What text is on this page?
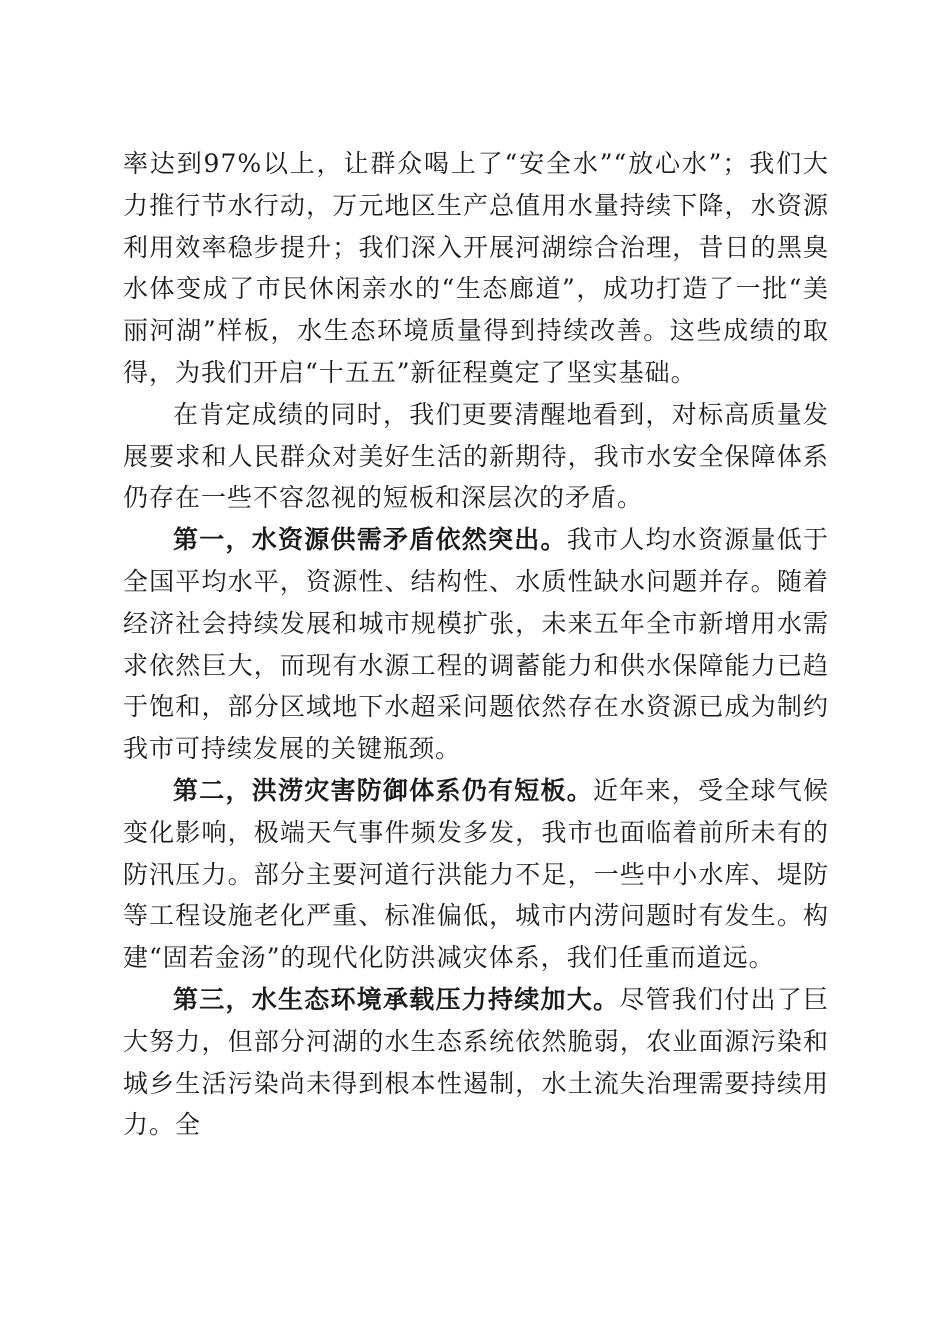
率达到97%以上，让群众喝上了“安全水”“放心水”；我们大力推行节水行动，万元地区生产总值用水量持续下降，水资源利用效率稳步提升；我们深入开展河湖综合治理，昔日的黑臭水体变成了市民休闲亲水的“生态廊道”，成功打造了一批“美丽河湖”样板，水生态环境质量得到持续改善。这些成绩的取得，为我们开启“十五五”新征程奠定了坚实基础。

在肯定成绩的同时，我们更要清醒地看到，对标高质量发展要求和人民群众对美好生活的新期待，我市水安全保障体系仍存在一些不容忽视的短板和深层次的矛盾。

第一，水资源供需矛盾依然突出。我市人均水资源量低于全国平均水平，资源性、结构性、水质性缺水问题并存。随着经济社会持续发展和城市规模扩张，未来五年全市新增用水需求依然巨大，而现有水源工程的调蓄能力和供水保障能力已趋于饱和，部分区域地下水超采问题依然存在水资源已成为制约我市可持续发展的关键瓶颈。

第二，洪涝灾害防御体系仍有短板。近年来，受全球气候变化影响，极端天气事件频发多发，我市也面临着前所未有的防汛压力。部分主要河道行洪能力不足，一些中小水库、堤防等工程设施老化严重、标准偏低，城市内涝问题时有发生。构建“固若金汤”的现代化防洪减灾体系，我们任重而道远。

第三，水生态环境承载压力持续加大。尽管我们付出了巨大努力，但部分河湖的水生态系统依然脆弱，农业面源污染和城乡生活污染尚未得到根本性遏制，水土流失治理需要持续用力。全
